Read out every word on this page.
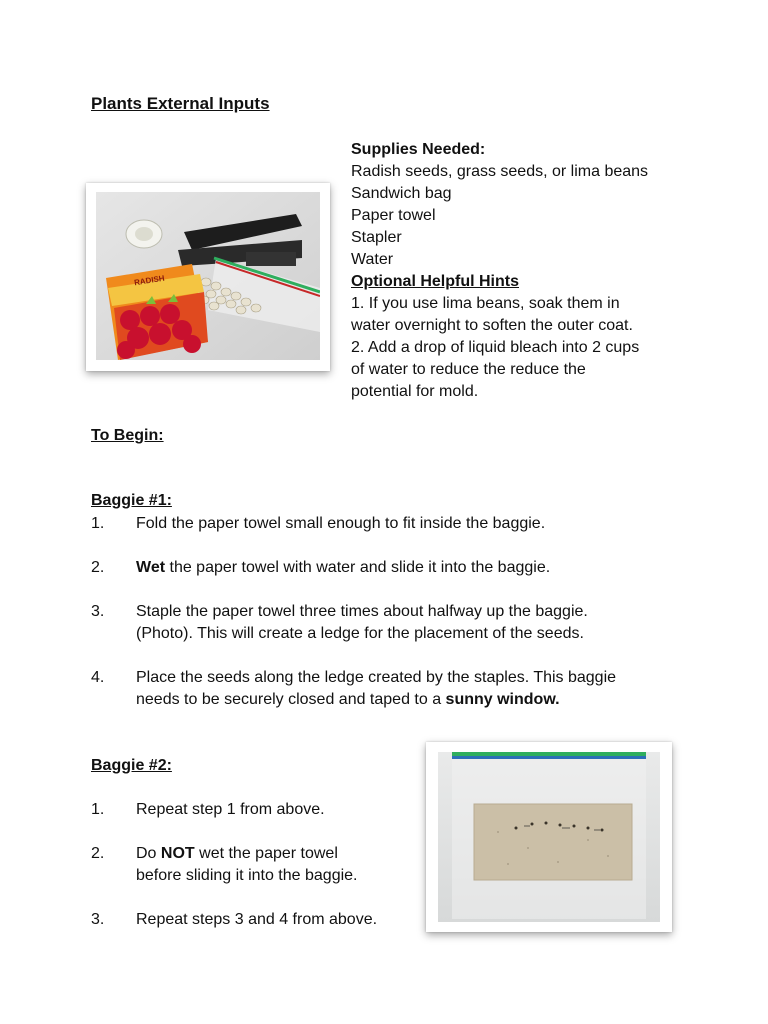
Plants External Inputs
RADISH
Supplies Needed:
Radish seeds, grass seeds, or lima beans
Sandwich bag
Paper towel
Stapler
Water
Optional Helpful Hints
1. If you use lima beans, soak them in
water overnight to soften the outer coat.
2. Add a drop of liquid bleach into 2 cups
of water to reduce the reduce the
potential for mold.
To Begin:
Baggie #1:
1.	Fold the paper towel small enough to fit inside the baggie.
2.	Wet the paper towel with water and slide it into the baggie.
3.	Staple the paper towel three times about halfway up the baggie.
(Photo). This will create a ledge for the placement of the seeds.
4.	Place the seeds along the ledge created by the staples. This baggie
needs to be securely closed and taped to a sunny window.
Baggie #2:
1.	Repeat step 1 from above.
2.	Do NOT wet the paper towel
before sliding it into the baggie.
3.	Repeat steps 3 and 4 from above.
